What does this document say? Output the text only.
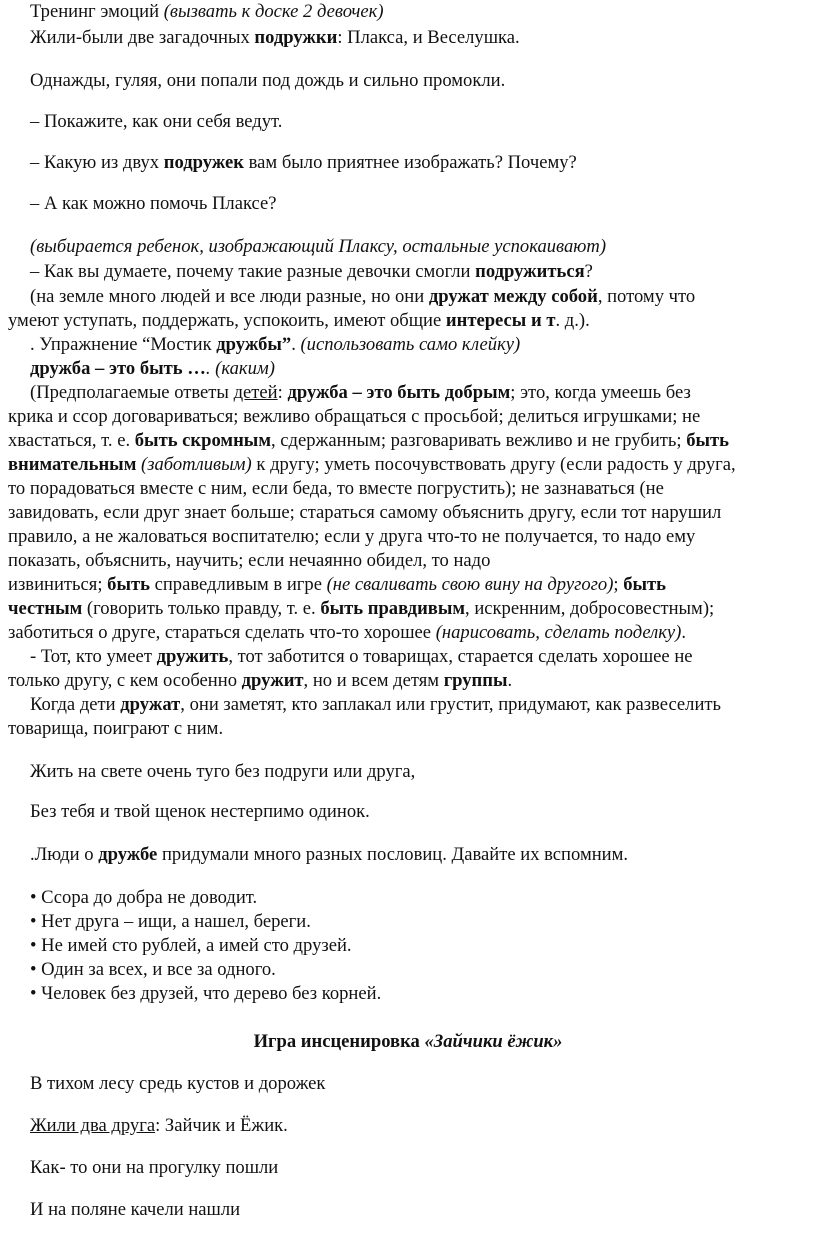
Тренинг эмоций (вызвать к доске 2 девочек)
Жили-были две загадочных подружки: Плакса, и Веселушка.
Однажды, гуляя, они попали под дождь и сильно промокли.
– Покажите, как они себя ведут.
– Какую из двух подружек вам было приятнее изображать? Почему?
– А как можно помочь Плаксе?
(выбирается ребенок, изображающий Плаксу, остальные успокаивают)
– Как вы думаете, почему такие разные девочки смогли подружиться?
(на земле много людей и все люди разные, но они дружат между собой, потому что
умеют уступать, поддержать, успокоить, имеют общие интересы и т. д.).
. Упражнение “Мостик дружбы”. (использовать само клейку)
дружба – это быть …. (каким)
(Предполагаемые ответы детей: дружба – это быть добрым; это, когда умеешь без
крика и ссор договариваться; вежливо обращаться с просьбой; делиться игрушками; не
хвастаться, т. е. быть скромным, сдержанным; разговаривать вежливо и не грубить; быть
внимательным (заботливым) к другу; уметь посочувствовать другу (если радость у друга,
то порадоваться вместе с ним, если беда, то вместе погрустить); не зазнаваться (не
завидовать, если друг знает больше; стараться самому объяснить другу, если тот нарушил
правило, а не жаловаться воспитателю; если у друга что-то не получается, то надо ему
показать, объяснить, научить; если нечаянно обидел, то надо
извиниться; быть справедливым в игре (не сваливать свою вину на другого); быть
честным (говорить только правду, т. е. быть правдивым, искренним, добросовестным);
заботиться о друге, стараться сделать что-то хорошее (нарисовать, сделать поделку).
- Тот, кто умеет дружить, тот заботится о товарищах, старается сделать хорошее не
только другу, с кем особенно дружит, но и всем детям группы.
Когда дети дружат, они заметят, кто заплакал или грустит, придумают, как развеселить
товарища, поиграют с ним.
Жить на свете очень туго без подруги или друга,
Без тебя и твой щенок нестерпимо одинок.
.Люди о дружбе придумали много разных пословиц. Давайте их вспомним.
• Ссора до добра не доводит.
• Нет друга – ищи, а нашел, береги.
• Не имей сто рублей, а имей сто друзей.
• Один за всех, и все за одного.
• Человек без друзей, что дерево без корней.
Игра инсценировка «Зайчики ёжик»
В тихом лесу средь кустов и дорожек
Жили два друга: Зайчик и Ёжик.
Как- то они на прогулку пошли
И на поляне качели нашли
